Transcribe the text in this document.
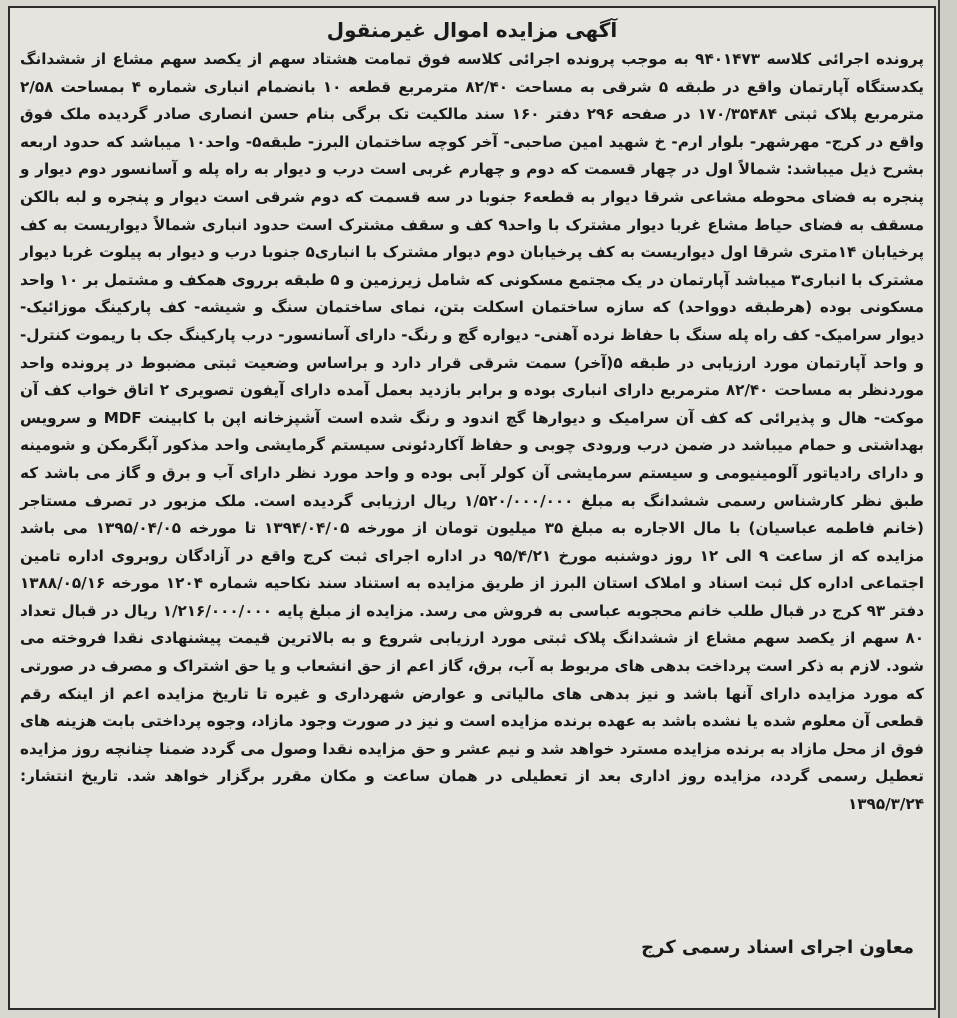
آگهی مزایده اموال غیرمنقول
پرونده اجرائی کلاسه ۹۴۰۱۴۷۳ به موجب پرونده اجرائی کلاسه فوق تمامت هشتاد سهم از یکصد سهم مشاع از ششدانگ یکدستگاه آپارتمان واقع در طبقه ۵ شرقی به مساحت ۸۲/۴۰ مترمربع قطعه ۱۰ بانضمام انباری شماره ۴ بمساحت ۲/۵۸ مترمربع پلاک ثبتی ۱۷۰/۳۵۴۸۴ در صفحه ۲۹۶ دفتر ۱۶۰ سند مالکیت تک برگی بنام حسن انصاری صادر گردیده ملک فوق واقع در کرج- مهرشهر- بلوار ارم- خ شهید امین صاحبی- آخر کوچه ساختمان البرز- طبقه۵- واحد۱۰ میباشد که حدود اربعه بشرح ذیل میباشد: شمالاً اول در چهار قسمت که دوم و چهارم غربی است درب و دیوار به راه پله و آسانسور دوم دیوار و پنجره به فضای محوطه مشاعی شرقا دیوار به قطعه۶ جنوبا در سه قسمت که دوم شرقی است دیوار و پنجره و لبه بالکن مسقف به فضای حیاط مشاع غربا دیوار مشترک با واحد۹ کف و سقف مشترک است حدود انباری شمالاً دیواریست به کف پرخیابان ۱۴متری شرقا اول دیواریست به کف پرخیابان دوم دیوار مشترک با انباری۵ جنوبا درب و دیوار به پیلوت غربا دیوار مشترک با انباری۳ میباشد آپارتمان در یک مجتمع مسکونی که شامل زیرزمین و ۵ طبقه برروی همکف و مشتمل بر ۱۰ واحد مسکونی بوده (هرطبقه دوواحد) که سازه ساختمان اسکلت بتن، نمای ساختمان سنگ و شیشه- کف پارکینگ موزائیک- دیوار سرامیک- کف راه پله سنگ با حفاظ نرده آهنی- دیواره گچ و رنگ- دارای آسانسور- درب پارکینگ جک با ریموت کنترل- و واحد آپارتمان مورد ارزیابی در طبقه ۵(آخر) سمت شرقی قرار دارد و براساس وضعیت ثبتی مضبوط در پرونده واحد موردنظر به مساحت ۸۲/۴۰ مترمربع دارای انباری بوده و برابر بازدید بعمل آمده دارای آیفون تصویری ۲ اتاق خواب کف آن موکت- هال و پذیرائی که کف آن سرامیک و دیوارها گچ اندود و رنگ شده است آشپزخانه اپن با کابینت MDF و سرویس بهداشتی و حمام میباشد در ضمن درب ورودی چوبی و حفاظ آکاردئونی سیستم گرمایشی واحد مذکور آبگرمکن و شومینه و دارای رادیاتور آلومینیومی و سیستم سرمایشی آن کولر آبی بوده و واحد مورد نظر دارای آب و برق و گاز می باشد که طبق نظر کارشناس رسمی ششدانگ به مبلغ ۱/۵۲۰/۰۰۰/۰۰۰ ریال ارزیابی گردیده است. ملک مزبور در تصرف مستاجر (خانم فاطمه عباسیان) با مال الاجاره به مبلغ ۳۵ میلیون تومان از مورخه ۱۳۹۴/۰۴/۰۵ تا مورخه ۱۳۹۵/۰۴/۰۵ می باشد مزایده که از ساعت ۹ الی ۱۲ روز دوشنبه مورخ ۹۵/۴/۲۱ در اداره اجرای ثبت کرج واقع در آزادگان روبروی اداره تامین اجتماعی اداره کل ثبت اسناد و املاک استان البرز از طریق مزایده به استناد سند نکاحیه شماره ۱۲۰۴ مورخه ۱۳۸۸/۰۵/۱۶ دفتر ۹۳ کرج در قبال طلب خانم محجوبه عباسی به فروش می رسد. مزایده از مبلغ پایه ۱/۲۱۶/۰۰۰/۰۰۰ ریال در قبال تعداد ۸۰ سهم از یکصد سهم مشاع از ششدانگ پلاک ثبتی مورد ارزیابی شروع و به بالاترین قیمت پیشنهادی نقدا فروخته می شود. لازم به ذکر است پرداخت بدهی های مربوط به آب، برق، گاز اعم از حق انشعاب و یا حق اشتراک و مصرف در صورتی که مورد مزایده دارای آنها باشد و نیز بدهی های مالیاتی و عوارض شهرداری و غیره تا تاریخ مزایده اعم از اینکه رقم قطعی آن معلوم شده یا نشده باشد به عهده برنده مزایده است و نیز در صورت وجود مازاد، وجوه پرداختی بابت هزینه های فوق از محل مازاد به برنده مزایده مسترد خواهد شد و نیم عشر و حق مزایده نقدا وصول می گردد ضمنا چنانچه روز مزایده تعطیل رسمی گردد، مزایده روز اداری بعد از تعطیلی در همان ساعت و مکان مقرر برگزار خواهد شد. تاریخ انتشار: ۱۳۹۵/۳/۲۴
معاون اجرای اسناد رسمی کرج
